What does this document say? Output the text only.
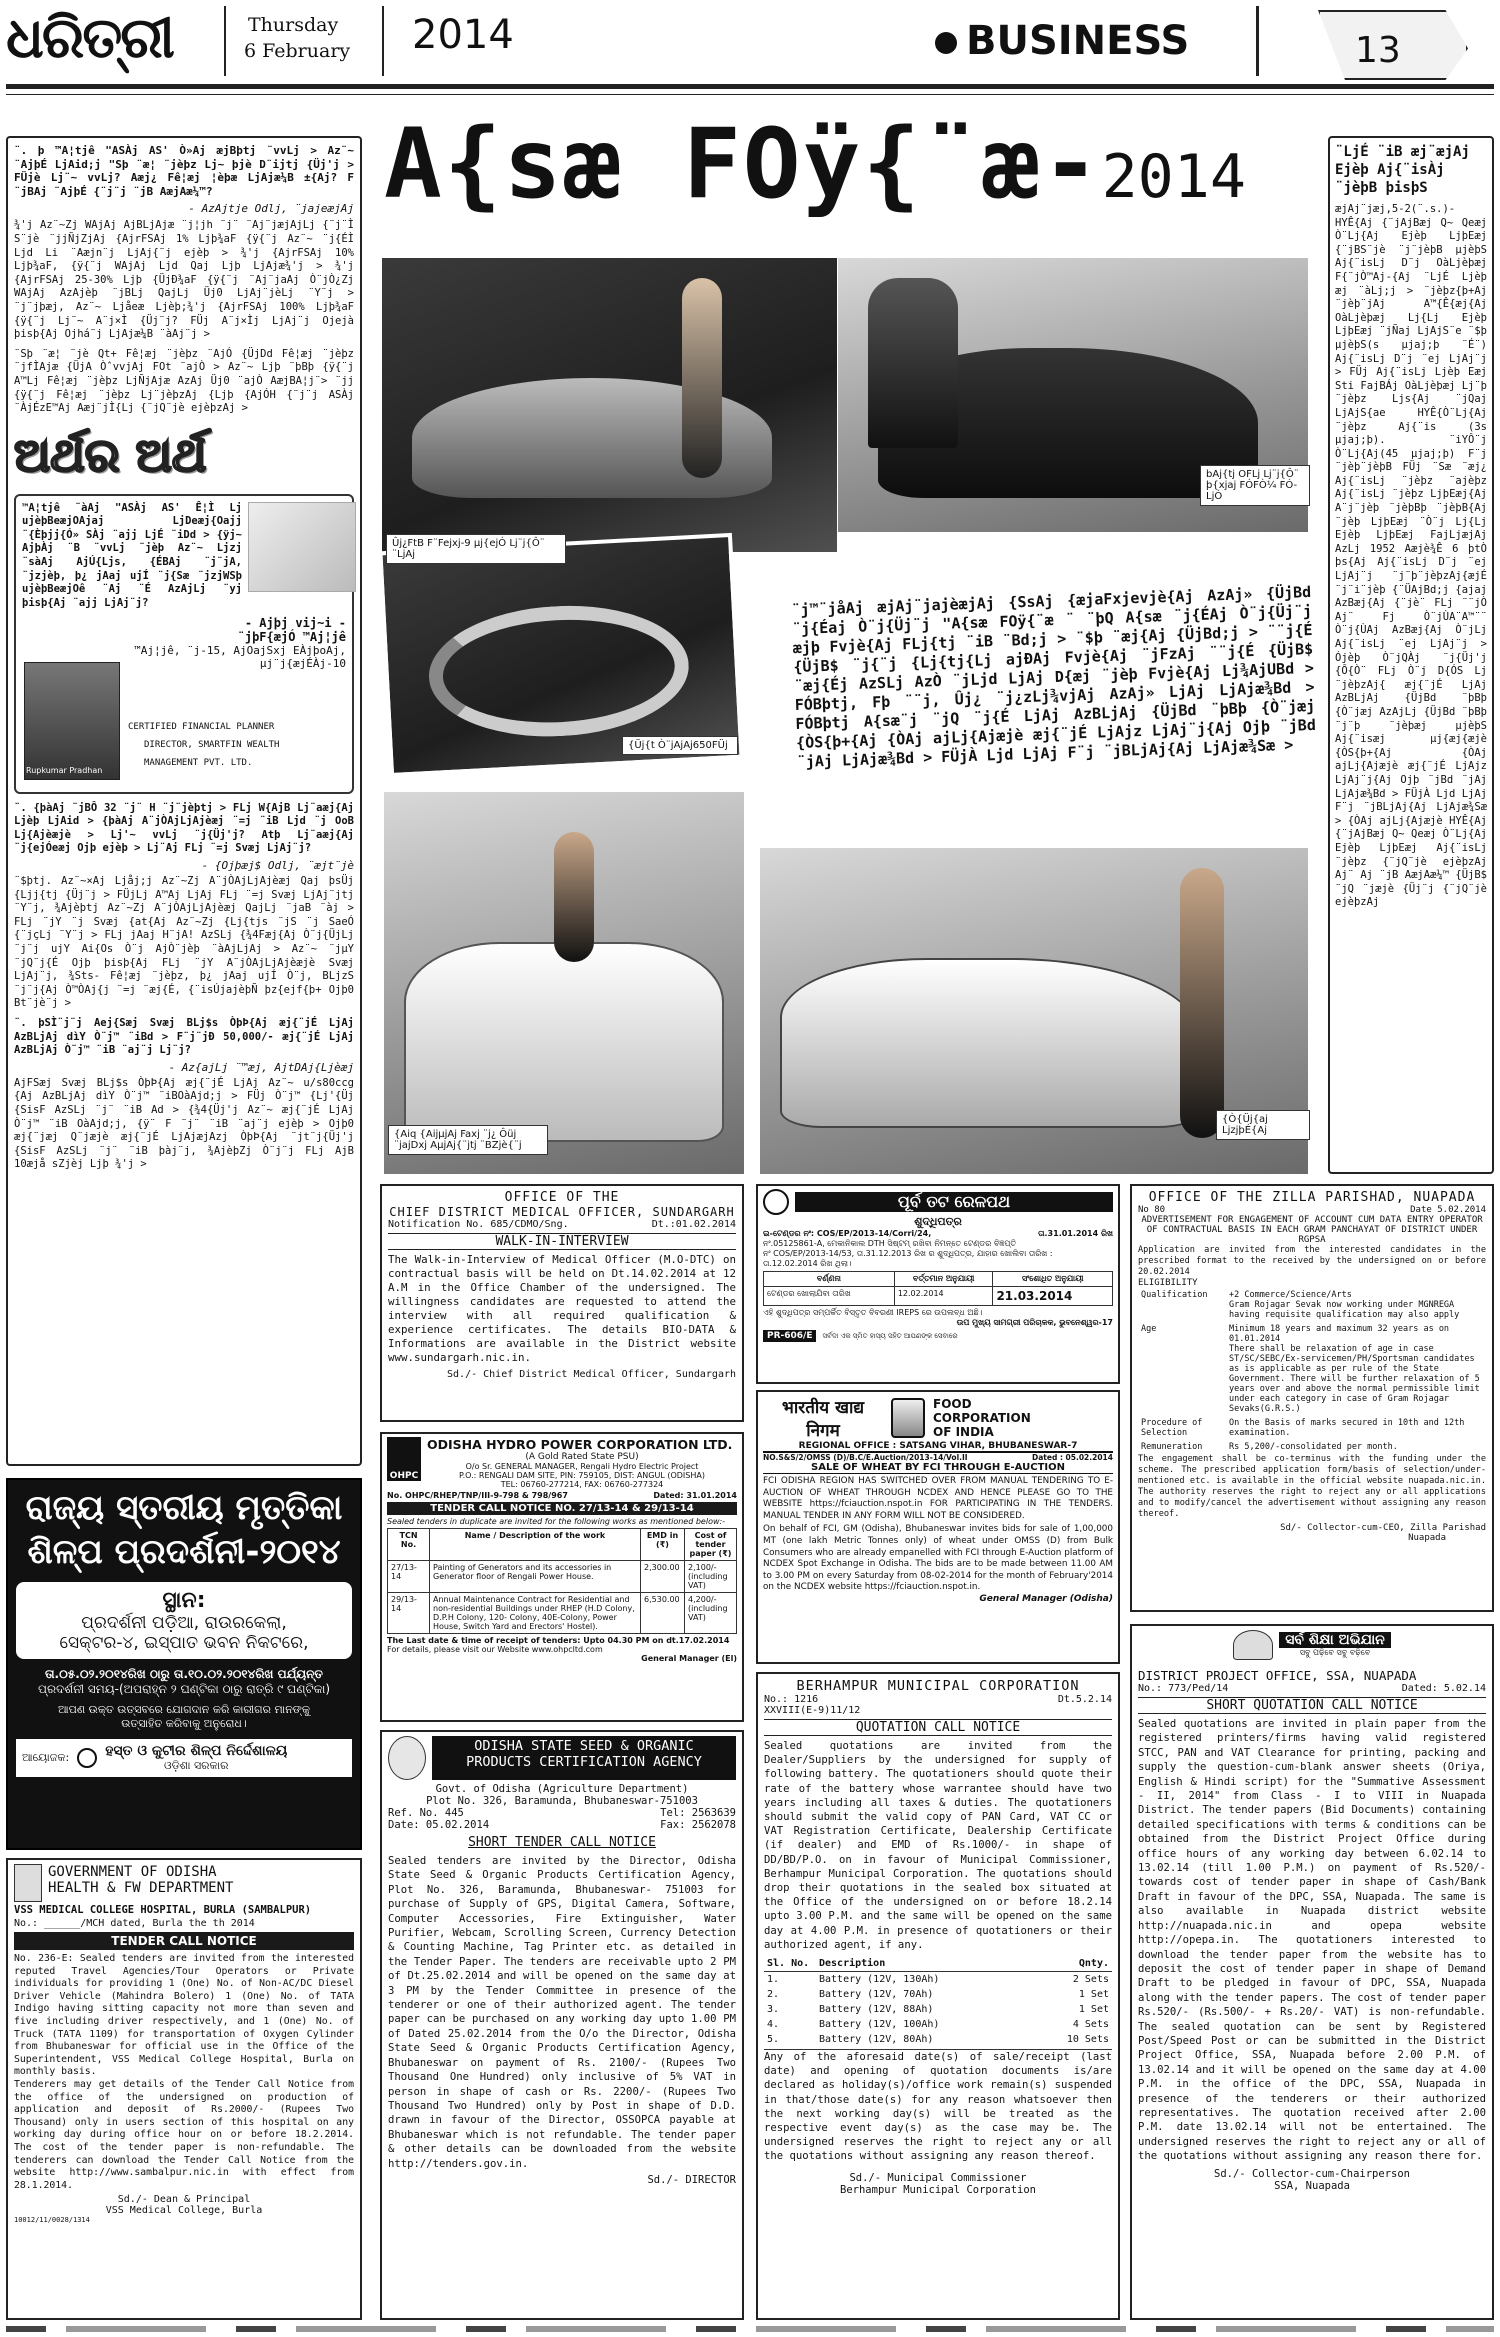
ଧରିତ୍ରୀ	Thursday
6 February 2014	BUSINESS	13
¨. þ ™A¦tjê "ASÀj AS' Ò»Aj æjBþtj ¨vvLj > Az¨~ ¨AjþÉ LjAid;j "Sþ ¨æ¦ ¨jèþz Lj~ þjè D¨ijtj {Üj'j > FÜjè Lj¨~ vvLj? Aæj¿ Fê¦æj ¦èþæ LjAjæ¼B ±{Aj? F ¨jBAj ¨AjþÉ {¨j¨j ¨jB AæjAæ¼™?
- AzAjtje Odlj, ¨jajeæjAj
¾'j Az¨~Zj WAjAj AjBLjAjæ ¨j¦jh ¨j¨ ¨Aj¨jæjAjLj {¨j¨Ì S¨jè ¨jjÑjZjAj {AjrFSAj 1% Ljþ¾aF {ÿ{¨j Az¨~ ¨j{ÉÌ Ljd Li ¨Aæjn¨j LjAj{¨j ejèþ > ¾'j {AjrFSAj 10% Ljþ¾aF, {ÿ{¨j WAjAj Ljd Qaj Ljþ LjAjæ¾'j > ¾'j {AjrFSAj 25-30% Ljþ {ÜjÐ¾aF {ÿ{¨j ¨Aj¨jaAj Ò¨jÒ¿Zj WAjAj AzAjèþ ¨jBLj QajLj Üj0 LjAj¨jèLj ¨Y¨j > ¨j¨jþæj, Az¨~ Ljåeæ Ljèþ;¾'j {AjrFSAj 100% Ljþ¾aF {ÿ{¨j Lj¨~ A¨j×Ì {Üj¨j? FÜj A¨j×Ìj LjAj¨j Ojejà þisþ{Aj Ojhá¨j LjAjæ¼B ¨àAj¨j >
¨Sþ ¨æ¦ ¨jè Qt+ Fê¦æj ¨jèþz ¨AjÓ {ÜjDd Fê¦æj ¨jèþz ¨jfÌAjæ {ÜjA ÒˆvvjAj FOt ¨ajÒ > Az¨~ Ljþ ¨þBþ {ÿ{¨j A™Lj Fê¦æj ¨jèþz LjÑjAjæ AzAj Üj0 ¨ajÒ AæjBA¦j¨> ¨jj {ÿ{¨j Fê¦æj ¨jèþz Lj¨jèþzAj {Ljþ {AjÓH {¨j¨j ASÀj ¨ÀjÉzE™Aj Aæj¨jÌ{Lj {¨jQ¨jè ejèþzAj >
ଅର୍ଥର ଅର୍ଥ
™A¦tjê ¨àAj "ASÀj AS' Ê¦Ì Lj ujèþBeæjOAjaj LjDeæj{Oajj ¨{Èþjj{Ó» SÀj ¨ajj LjÉ ¨iDd > {ÿj~ AjþÀj ¨B ¨vvLj ¨jèþ Az¨~ Ljzj ¨sàAj AjÚ{Ljs, {ÉBAj ¨j¨jA, ¨jzjèþ, þ¿ jAaj ujÍ ¨j{Sæ ¨jzjWSþ ujèþBeæjOê ¨Aj ¨É AzAjLj ¨yj þisþ{Aj ¨ajj LjAj¨j?
- Ajþj vij~i -
¨jþF{æjÓ ™Aj¦jê
™Aj¦jê, ¨j-15, AjOajSxj EÀjþoAj,
µj¨j{æjÉÀj-10
Rupkumar Pradhan
CERTIFIED FINANCIAL PLANNER
DIRECTOR, SMARTFIN WEALTH
MANAGEMENT PVT. LTD.
¨. {þàAj ¨jBÔ 32 ¨j¨ H ¨j¨jèþtj > FLj W{AjB Lj¨aæj{Aj Ljèþ LjAid > {þàAj A¨jÒAjLjAjèæj ¨=j ¨iB Ljd ¨j OoB Lj{Ajèæjè > Lj'~ vvLj ¨j{Üj'j? Atþ Lj¨aæj{Aj ¨j{ejÓeæj Ojþ ejèþ > Lj¨Aj FLj ¨=j Svæj LjAj¨j?
- {Ojþæj$ Odlj, ¨æjt¨jè
¨$þtj. Az¨~×Aj Ljåj;j Az¨~Zj A¨jÒAjLjAjèæj Qaj þsÜj {Ljj{tj {Üj¨j > FÜjLj A™Aj LjAj FLj ¨=j Svæj LjAj¨jtj ¨Y¨j, ¾Ajèþtj Az¨~Zj A¨jÒAjLjAjèæj QajLj ¨jaB ¨àj > FLj ¨jY ¨j Svæj {at{Aj Az¨~Zj {Lj{tjs ¨jS ¨j SaeÓ {¨jçLj ¨Y¨j > FLj jAaj H¨jA! AzSLj {¾4Fæj{Aj Ò¨j{ÜjLj ¨j¨j ujY Ai{Os Ò¨j AjÒ¨jèþ ¨àAjLjAj > Az¨~ ¨jµY ¨jQ¨j{É Ojþ þisþ{Aj FLj ¨jY A¨jÒAjLjAjèæjè Svæj LjAj¨j, ¾Sts- Fê¦æj ¨jèþz, þ¿ jAaj ujÍ Ò¨j, BLjzS ¨j¨j{Aj Ò™ÒAj{j ¨=j ¨æj{É, {¨isÚjajèþÑ þz{ejf{þ+ Ojþ0 Bt¨jè¨j >
¨. þSÌ¨j¨j Aej{Sæj Svæj BLj$s ÒþÞ{Aj æj{¨jÉ LjAj AzBLjAj dìY Ò¨j™ ¨iBd > F¨j¨jÐ 50,000/- æj{¨jÉ LjAj AzBLjAj Ò¨j™ ¨iB ¨aj¨j Lj¨j?
- Az{ajLj ¨™æj, AjtDAj{Ljèæj
AjFSæj Svæj BLj$s ÒþÞ{Aj æj{¨jÉ LjAj Az¨~ u/s80ccg {Aj AzBLjAj dìY Ò¨j™ ¨iBOàAjd;j > FÜj Ò¨j™ {Lj'{Üj {SisF AzSLj ¨j¨ ¨iB Ad > {¾4{Üj'j Az¨~ æj{¨jÉ LjAj Ò¨j™ ¨iB OàAjd;j, {ÿ¨ F ¨j¨ ¨iB ¨aj¨j ejèþ > Ojþ0 æj{¨jæj Q¨jæjè æj{¨jÉ LjAjæjAzj ÒþÞ{Aj ¨jt¨j{Üj'j {SisF AzSLj ¨j¨ ¨iB þàj¨j, ¾AjèþZj Ò¨j¨j FLj AjB 10æjå sZjèj Ljþ ¾'j >
ରାଜ୍ୟ ସ୍ତରୀୟ ମୃତ୍ତିକା
ଶିଳ୍ପ ପ୍ରଦର୍ଶନୀ-୨୦୧୪
ସ୍ଥାନ:
ପ୍ରଦର୍ଶନୀ ପଡ଼ିଆ, ରାଉରକେଲା,
ସେକ୍ଟର-୪, ଇସ୍ପାତ ଭବନ ନିକଟରେ,
ତା.୦୫.୦୨.୨୦୧୪ରିଖ ଠାରୁ ତା.୧୦.୦୨.୨୦୧୪ରିଖ ପର୍ଯ୍ୟନ୍ତ
ପ୍ରଦର୍ଶନୀ ସମୟ-(ଅପରାହ୍ନ ୨ ଘଣ୍ଟିକା ଠାରୁ ରାତ୍ରି ୯ ଘଣ୍ଟିକା)
ଆପଣ ଉକ୍ତ ଉତ୍ସବରେ ଯୋଗଦାନ କରି କାରୀଗର ମାନଙ୍କୁ
ଉତ୍ସାହିତ କରିବାକୁ ଅନୁରୋଧ।
ଆୟୋଜକ:	ହସ୍ତ ଓ କୁଟୀର ଶିଳ୍ପ ନିର୍ଦ୍ଦେଶାଳୟ
ଓଡ଼ିଶା ସରକାର
GOVERNMENT OF ODISHA
HEALTH & FW DEPARTMENT
VSS MEDICAL COLLEGE HOSPITAL, BURLA (SAMBALPUR)
No.: ______/MCH dated, Burla the th 2014
TENDER CALL NOTICE
No. 236-E: Sealed tenders are invited from the interested reputed Travel Agencies/Tour Operators or Private individuals for providing 1 (One) No. of Non-AC/DC Diesel Driver Vehicle (Mahindra Bolero) 1 (One) No. of TATA Indigo having sitting capacity not more than seven and five including driver respectively, and 1 (One) No. of Truck (TATA 1109) for transportation of Oxygen Cylinder from Bhubaneswar for official use in the Office of the Superintendent, VSS Medical College Hospital, Burla on monthly basis.
Tenderers may get details of the Tender Call Notice from the office of the undersigned on production of application and deposit of Rs.2000/- (Rupees Two Thousand) only in users section of this hospital on any working day during office hour on or before 18.2.2014. The cost of the tender paper is non-refundable. The tenderers can download the Tender Call Notice from the website http://www.sambalpur.nic.in with effect from 28.1.2014.
Sd./- Dean & Principal
VSS Medical College, Burla
10012/11/0028/1314
A{sæ FOÿ{¨æ-2014
bAj{tj OFLj Lj¨j{Ô¨ þ{xjaj FÓFÒ¼ FÓ-LjÓ
Ûj¿FtB F¨Fejxj-9 µj{ejÓ Lj¨j{Ô¨ ¨LjAj
{Üj{t Ò¨jAjAj650FÜj
¨j™¨jåAj æjAj¨jajèæjAj {SsAj {æjaFxjevjè{Aj AzAj» {ÜjBd ¨j{Éaj Ò¨j{Üj¨j "A{sæ FOÿ{¨æ ¨ ¨þQ A{sæ ¨j{ÉAj Ò¨j{Üj¨j æjþ Fvjè{Aj FLj{tj ¨iB ¨Bd;j > ¨$þ ¨æj{Aj {ÜjBd;j > ¨¨j{É {ÜjB$ ¨j{¨j {Lj{tj{Lj ajÐAj Fvjè{Aj ¨jFzAj ¨¨j{É {ÜjB$ ¨æj{Éj AzSLj AzÒ ¨jLjd LjAj D{æj ¨jèþ Fvjè{Aj Lj¾AjUBd > FÓBþtj, Fþ ¨¨j, Ûj¿ ¨j¿zLj¾vjAj AzAj» LjAj LjAjæ¾Bd > FÓBþtj A{sæ¨j ¨jQ ¨j{É LjAj AzBLjAj {ÜjBd ¨þBþ {Ò¨jæj {ÒS{þ+{Aj {ÒAj ajLj{Ajæjè æj{¨jÉ LjAjz LjAj¨j{Aj Ojþ ¨jBd ¨jAj LjAjæ¾Bd > FÜjÀ Ljd LjAj F¨j ¨jBLjAj{Aj LjAjæ¾Sæ >
{Aiq {AijµjAj Faxj ¨j¿ Ôüj ¨jajDxj AµjAj{¨jtj ¨BZjè{¨j
{Ò{Üj{aj LjzjþÉ{Aj
¨LjÉ ¨iB æj¨æjAj Ejèþ Aj{¨isÀj ¨jèþB þisþS
æjAj¨jæj,5-2(¨.s.)-HYÊ{Aj {¨jAjBæj Q~ Qeæj Ò¨Lj{Aj Ejèþ LjþEæj {¨jBS¨jè ¨j¨jèþB µjèþS Aj{¨isLj D¨j OàLjèþæj F{¨jÒ™Aj-{Aj ¨LjÉ Ljèþ æj ¨àLj;j > ¨jèþz{þ+Aj ¨jèþ¨jAj A™{Ê{æj{Aj OàLjèþæj Lj{Lj Ejèþ LjþEæj ¨jÑaj LjAjS¨e ¨$þ µjèþS(s µjaj;þ ¨É¨) Aj{¨isLj D¨j ¨ej LjAj¨j > FÜj Aj{¨isLj Ljèþ Eæj Sti FajBÁj OàLjèþæj Lj¨þ ¨jèþz Ljs{Aj ¨jQaj LjAjS{ae HYÊ{Ò¨Lj{Aj ¨jèþz Aj{¨is (3s µjaj;þ). ¨iYÔ¨j Ò¨Lj{Aj(45 µjaj;þ) F¨j ¨jèþ¨jèþB FÜj ¨Sæ ¨æj¿ Aj{¨isLj ¨jèþz ¨ajèþz Aj{¨isLj ¨jèþz LjþEæj{Aj A¨j¨jèþ ¨jèþBþ ¨jèþB{Aj ¨jèþ LjþEæj ¨Ò¨j Lj{Lj Ejèþ LjþEæj FajLjæjAj AzLj 1952 Aæjè¾Ê 6 þtÒ þs{Aj Aj{¨isLj D¨j ¨ej LjAj¨j ¨j¨þ¨jèþzAj{æjÉ ¨j¨i¨jèþ {¨ÜAjBd;j {ajaj AzBæj{Aj {¨jè¨ FLj ¨¨jÒ Aj¨ Fj Ò¨jÙA¨A™¨¨ Ò¨j{ÙAj AzBæj{Aj Ò¨jLj Aj{¨isLj ¨ej LjAj¨j > Ójèþ Ò¨jQÀj ¨j{Üj'j {Ô{Ò¨ FLj Ò¨j D{ÓS Lj ¨jèþzAj{ æj{¨jÉ LjAj AzBLjAj {ÜjBd ¨þBþ {Ò¨jæj AzAjLj {ÜjBd ¨þBþ ¨j¨þ ¨jèþæj µjèþS Aj{¨isæj µj{æj{æjè {ÒS{þ+{Aj {ÒAj ajLj{Ajæjè æj{¨jÉ LjAjz LjAj¨j{Aj Ojþ ¨jBd ¨jAj LjAjæ¾Bd > FÜjÀ Ljd LjAj F¨j ¨jBLjAj{Aj LjAjæ¾Sæ > {ÒAj ajLj{Ajæjè HYÊ{Aj {¨jAjBæj Q~ Qeæj Ò¨Lj{Aj Ejèþ LjþEæj Aj{¨isLj ¨jèþz {¨jQ¨jè ejèþzAj Aj¨ Aj ¨jB AæjAæ¼™ {ÜjB$ ¨jQ ¨jæjè {Üj¨j {¨jQ¨jè ejèþzAj
OFFICE OF THE
CHIEF DISTRICT MEDICAL OFFICER, SUNDARGARH
Notification No. 685/CDMO/Sng.	Dt.:01.02.2014
WALK-IN-INTERVIEW
The Walk-in-Interview of Medical Officer (M.O-DTC) on contractual basis will be held on Dt.14.02.2014 at 12 A.M in the Office Chamber of the undersigned. The willingness candidates are requested to attend the interview with all required qualification & experience certificates. The details BIO-DATA & Informations are available in the District website www.sundargarh.nic.in.
Sd./- Chief District Medical Officer, Sundargarh
OHPC
ODISHA HYDRO POWER CORPORATION LTD.
(A Gold Rated State PSU)
O/o Sr. GENERAL MANAGER, Rengali Hydro Electric Project
P.O.: RENGALI DAM SITE, PIN: 759105, DIST: ANGUL (ODISHA)
TEL: 06760-277214, FAX: 06760-277324
No. OHPC/RHEP/TNP/III-9-798 & 798/967	Dated: 31.01.2014
TENDER CALL NOTICE NO. 27/13-14 & 29/13-14
Sealed tenders in duplicate are invited for the following works as mentioned below:-
TCN No.	Name / Description of the work	EMD in (₹)	Cost of tender paper (₹)
27/13-14	Painting of Generators and its accessories in Generator floor of Rengali Power House.	2,300.00	2,100/- (including VAT)
29/13-14	Annual Maintenance Contract for Residential and non-residential Buildings under RHEP (H.D Colony, D.P.H Colony, 120- Colony, 40E-Colony, Power House, Switch Yard and Erectors' Hostel).	6,530.00	4,200/- (including VAT)
The Last date & time of receipt of tenders: Upto 04.30 PM on dt.17.02.2014
For details, please visit our Website www.ohpcltd.com
General Manager (El)
ODISHA STATE SEED & ORGANIC
PRODUCTS CERTIFICATION AGENCY
Govt. of Odisha (Agriculture Department)
Plot No. 326, Baramunda, Bhubaneswar-751003
Ref. No. 445	Tel: 2563639
Date: 05.02.2014	Fax: 2562078
SHORT TENDER CALL NOTICE
Sealed tenders are invited by the Director, Odisha State Seed & Organic Products Certification Agency, Plot No. 326, Baramunda, Bhubaneswar- 751003 for purchase of Supply of GPS, Digital Camera, Software, Computer Accessories, Fire Extinguisher, Water Purifier, Webcam, Scrolling Screen, Currency Detection & Counting Machine, Tag Printer etc. as detailed in the Tender Paper. The tenders are receivable upto 2 PM of Dt.25.02.2014 and will be opened on the same day at 3 PM by the Tender Committee in presence of the tenderer or one of their authorized agent. The tender paper can be purchased on any working day upto 1.00 PM of Dated 25.02.2014 from the O/o the Director, Odisha State Seed & Organic Products Certification Agency, Bhubaneswar on payment of Rs. 2100/- (Rupees Two Thousand One Hundred) only inclusive of 5% VAT in person in shape of cash or Rs. 2200/- (Rupees Two Thousand Two Hundred) only by Post in shape of D.D. drawn in favour of the Director, OSSOPCA payable at Bhubaneswar which is not refundable. The tender paper & other details can be downloaded from the website http://tenders.gov.in.
Sd./- DIRECTOR
ପୂର୍ବ ତଟ ରେଳପଥ
ଶୁଦ୍ଧିପତ୍ର
ଇ-ଟେଣ୍ଡର ନଂ: COS/EP/2013-14/Corri/24,	ତା.31.01.2014 ରିଖ
ନଂ.05125861-A, ମେକାନିକାଲ DTH ସିଷ୍ଟମ୍ ରଖିବା ନିମନ୍ତେ ଟେଣ୍ଡର ବିଜ୍ଞପ୍ତି
ନଂ COS/EP/2013-14/53, ତା.31.12.2013 ରିଖ ର ଶୁଦ୍ଧିପତ୍ର, ଯାହାର ଖୋଲିବା ତାରିଖ :
ତା.12.02.2014 ରିଖ ଥିଲା।
ବର୍ଣ୍ଣନା	ବର୍ତ୍ତମାନ ଅନୁଯାୟୀ	ସଂଶୋଧିତ ଅନୁଯାୟୀ
ଟେଣ୍ଡର ଖୋଲାଯିବା ତାରିଖ	12.02.2014	21.03.2014
ଏହି ଶୁଦ୍ଧିପତ୍ର ସମ୍ପର୍କିତ ବିସ୍ତୃତ ବିବରଣୀ IREPS ରେ ଉପଲବ୍ଧ ଅଛି।
ଉପ ମୁଖ୍ୟ ସାମଗ୍ରୀ ପରିଚାଳକ, ଭୁବନେଶ୍ୱର-17
PR-606/E	ସର୍ବଦା ଏକ ସ୍ମିତ ହାସ୍ୟ ସହିତ ଆପଣଙ୍କ ସେବାରେ
भारतीय खाद्य निगम
FOOD
CORPORATION
OF INDIA
REGIONAL OFFICE : SATSANG VIHAR, BHUBANESWAR-7
NO.S&S/2/OMSS (D)/B.C/E.Auction/2013-14/Vol.II	Dated : 05.02.2014
SALE OF WHEAT BY FCI THROUGH E-AUCTION
FCI ODISHA REGION HAS SWITCHED OVER FROM MANUAL TENDERING TO E-AUCTION OF WHEAT THROUGH NCDEX AND HENCE PLEASE GO TO THE WEBSITE https://fciauction.nspot.in FOR PARTICIPATING IN THE TENDERS. MANUAL TENDER IN ANY FORM WILL NOT BE CONSIDERED.
On behalf of FCI, GM (Odisha), Bhubaneswar invites bids for sale of 1,00,000 MT (one lakh Metric Tonnes only) of wheat under OMSS (D) from Bulk Consumers who are already empanelled with FCI through E-Auction platform of NCDEX Spot Exchange in Odisha. The bids are to be made between 11.00 AM to 3.00 PM on every Saturday from 08-02-2014 for the month of February'2014 on the NCDEX website https://fciauction.nspot.in.
General Manager (Odisha)
BERHAMPUR MUNICIPAL CORPORATION
No.: 1216	Dt.5.2.14
XXVIII(E-9)11/12
QUOTATION CALL NOTICE
Sealed quotations are invited from the Dealer/Suppliers by the undersigned for supply of following battery. The quotationers should quote their rate of the battery whose warrantee should have two years including all taxes & duties. The quotationers should submit the valid copy of PAN Card, VAT CC or VAT Registration Certificate, Dealership Certificate (if dealer) and EMD of Rs.1000/- in shape of DD/BD/P.O. on in favour of Municipal Commissioner, Berhampur Municipal Corporation. The quotations should drop their quotations in the sealed box situated at the Office of the undersigned on or before 18.2.14 upto 3.00 P.M. and the same will be opened on the same day at 4.00 P.M. in presence of quotationers or their authorized agent, if any.
Sl. No.	Description	Qnty.
1.	Battery (12V, 130Ah)	2 Sets
2.	Battery (12V, 70Ah)	1 Set
3.	Battery (12V, 88Ah)	1 Set
4.	Battery (12V, 100Ah)	4 Sets
5.	Battery (12V, 80Ah)	10 Sets
Any of the aforesaid date(s) of sale/receipt (last date) and opening of quotation documents is/are declared as holiday(s)/office work remain(s) suspended in that/those date(s) for any reason whatsoever then the next working day(s) will be treated as the respective event day(s) as the case may be. The undersigned reserves the right to reject any or all the quotations without assigning any reason thereof.
Sd./- Municipal Commissioner
Berhampur Municipal Corporation
OFFICE OF THE ZILLA PARISHAD, NUAPADA
No 80	Date 5.02.2014
ADVERTISEMENT FOR ENGAGEMENT OF ACCOUNT CUM DATA ENTRY OPERATOR OF CONTRACTUAL BASIS IN EACH GRAM PANCHAYAT OF DISTRICT UNDER RGPSA
Application are invited from the interested candidates in the prescribed format to the received by the undersigned on or before 20.02.2014
ELIGIBILITY
Qualification	+2 Commerce/Science/Arts
Gram Rojagar Sevak now working under MGNREGA having requisite qualification may also apply
Age	Minimum 18 years and maximum 32 years as on 01.01.2014
There shall be relaxation of age in case ST/SC/SEBC/Ex-servicemen/PH/Sportsman candidates as is applicable as per rule of the State Government. There will be further relaxation of 5 years over and above the normal permissible limit under each category in case of Gram Rojagar Sevaks(G.R.S.)
Procedure of Selection	On the Basis of marks secured in 10th and 12th examination.
Remuneration	Rs 5,200/-consolidated per month.
The engagement shall be co-terminus with the funding under the scheme. The prescribed application form/basis of selection/under-mentioned etc. is available in the official website nuapada.nic.in. The authority reserves the right to reject any or all applications and to modify/cancel the advertisement without assigning any reason thereof.
Sd/- Collector-cum-CEO, Zilla Parishad
Nuapada
ସର୍ବ ଶିକ୍ଷା ଅଭିଯାନ
ସବୁ ପଢ଼ିବେ ସବୁ ବଢ଼ିବେ
DISTRICT PROJECT OFFICE, SSA, NUAPADA
No.: 773/Ped/14	Dated: 5.02.14
SHORT QUOTATION CALL NOTICE
Sealed quotations are invited in plain paper from the registered printers/firms having valid registered STCC, PAN and VAT Clearance for printing, packing and supply the question-cum-blank answer sheets (Oriya, English & Hindi script) for the "Summative Assessment - II, 2014" from Class - I to VIII in Nuapada District. The tender papers (Bid Documents) containing detailed specifications with terms & conditions can be obtained from the District Project Office during office hours of any working day between 6.02.14 to 13.02.14 (till 1.00 P.M.) on payment of Rs.520/- towards cost of tender paper in shape of Cash/Bank Draft in favour of the DPC, SSA, Nuapada. The same is also available in Nuapada district website http://nuapada.nic.in and opepa website http://opepa.in. The quotationers interested to download the tender paper from the website has to deposit the cost of tender paper in shape of Demand Draft to be pledged in favour of DPC, SSA, Nuapada along with the tender papers. The cost of tender paper Rs.520/- (Rs.500/- + Rs.20/- VAT) is non-refundable. The sealed quotation can be sent by Registered Post/Speed Post or can be submitted in the District Project Office, SSA, Nuapada before 2.00 P.M. of 13.02.14 and it will be opened on the same day at 4.00 P.M. in the office of the DPC, SSA, Nuapada in presence of the tenderers or their authorized representatives. The quotation received after 2.00 P.M. date 13.02.14 will not be entertained. The undersigned reserves the right to reject any or all of the quotations without assigning any reason there for.
Sd./- Collector-cum-Chairperson
SSA, Nuapada
